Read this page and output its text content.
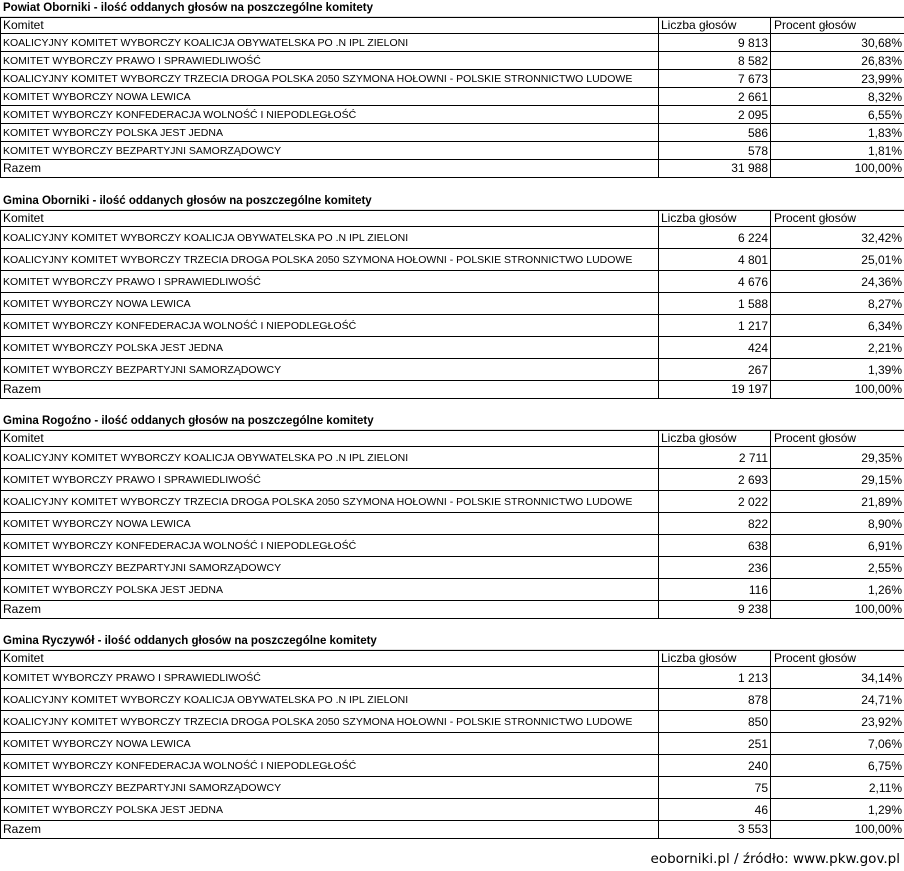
Powiat Oborniki - ilość oddanych głosów na poszczególne komitety
Komitet	Liczba głosów	Procent głosów
KOALICYJNY KOMITET WYBORCZY KOALICJA OBYWATELSKA PO .N IPL ZIELONI	9 813	30,68%
KOMITET WYBORCZY PRAWO I SPRAWIEDLIWOŚĆ	8 582	26,83%
KOALICYJNY KOMITET WYBORCZY TRZECIA DROGA POLSKA 2050 SZYMONA HOŁOWNI - POLSKIE STRONNICTWO LUDOWE	7 673	23,99%
KOMITET WYBORCZY NOWA LEWICA	2 661	8,32%
KOMITET WYBORCZY KONFEDERACJA WOLNOŚĆ I NIEPODLEGŁOŚĆ	2 095	6,55%
KOMITET WYBORCZY POLSKA JEST JEDNA	586	1,83%
KOMITET WYBORCZY BEZPARTYJNI SAMORZĄDOWCY	578	1,81%
Razem	31 988	100,00%
Gmina Oborniki - ilość oddanych głosów na poszczególne komitety
Komitet	Liczba głosów	Procent głosów
KOALICYJNY KOMITET WYBORCZY KOALICJA OBYWATELSKA PO .N IPL ZIELONI	6 224	32,42%
KOALICYJNY KOMITET WYBORCZY TRZECIA DROGA POLSKA 2050 SZYMONA HOŁOWNI - POLSKIE STRONNICTWO LUDOWE	4 801	25,01%
KOMITET WYBORCZY PRAWO I SPRAWIEDLIWOŚĆ	4 676	24,36%
KOMITET WYBORCZY NOWA LEWICA	1 588	8,27%
KOMITET WYBORCZY KONFEDERACJA WOLNOŚĆ I NIEPODLEGŁOŚĆ	1 217	6,34%
KOMITET WYBORCZY POLSKA JEST JEDNA	424	2,21%
KOMITET WYBORCZY BEZPARTYJNI SAMORZĄDOWCY	267	1,39%
Razem	19 197	100,00%
Gmina Rogoźno - ilość oddanych głosów na poszczególne komitety
Komitet	Liczba głosów	Procent głosów
KOALICYJNY KOMITET WYBORCZY KOALICJA OBYWATELSKA PO .N IPL ZIELONI	2 711	29,35%
KOMITET WYBORCZY PRAWO I SPRAWIEDLIWOŚĆ	2 693	29,15%
KOALICYJNY KOMITET WYBORCZY TRZECIA DROGA POLSKA 2050 SZYMONA HOŁOWNI - POLSKIE STRONNICTWO LUDOWE	2 022	21,89%
KOMITET WYBORCZY NOWA LEWICA	822	8,90%
KOMITET WYBORCZY KONFEDERACJA WOLNOŚĆ I NIEPODLEGŁOŚĆ	638	6,91%
KOMITET WYBORCZY BEZPARTYJNI SAMORZĄDOWCY	236	2,55%
KOMITET WYBORCZY POLSKA JEST JEDNA	116	1,26%
Razem	9 238	100,00%
Gmina Ryczywół - ilość oddanych głosów na poszczególne komitety
Komitet	Liczba głosów	Procent głosów
KOMITET WYBORCZY PRAWO I SPRAWIEDLIWOŚĆ	1 213	34,14%
KOALICYJNY KOMITET WYBORCZY KOALICJA OBYWATELSKA PO .N IPL ZIELONI	878	24,71%
KOALICYJNY KOMITET WYBORCZY TRZECIA DROGA POLSKA 2050 SZYMONA HOŁOWNI - POLSKIE STRONNICTWO LUDOWE	850	23,92%
KOMITET WYBORCZY NOWA LEWICA	251	7,06%
KOMITET WYBORCZY KONFEDERACJA WOLNOŚĆ I NIEPODLEGŁOŚĆ	240	6,75%
KOMITET WYBORCZY BEZPARTYJNI SAMORZĄDOWCY	75	2,11%
KOMITET WYBORCZY POLSKA JEST JEDNA	46	1,29%
Razem	3 553	100,00%
eoborniki.pl / źródło: www.pkw.gov.pl
